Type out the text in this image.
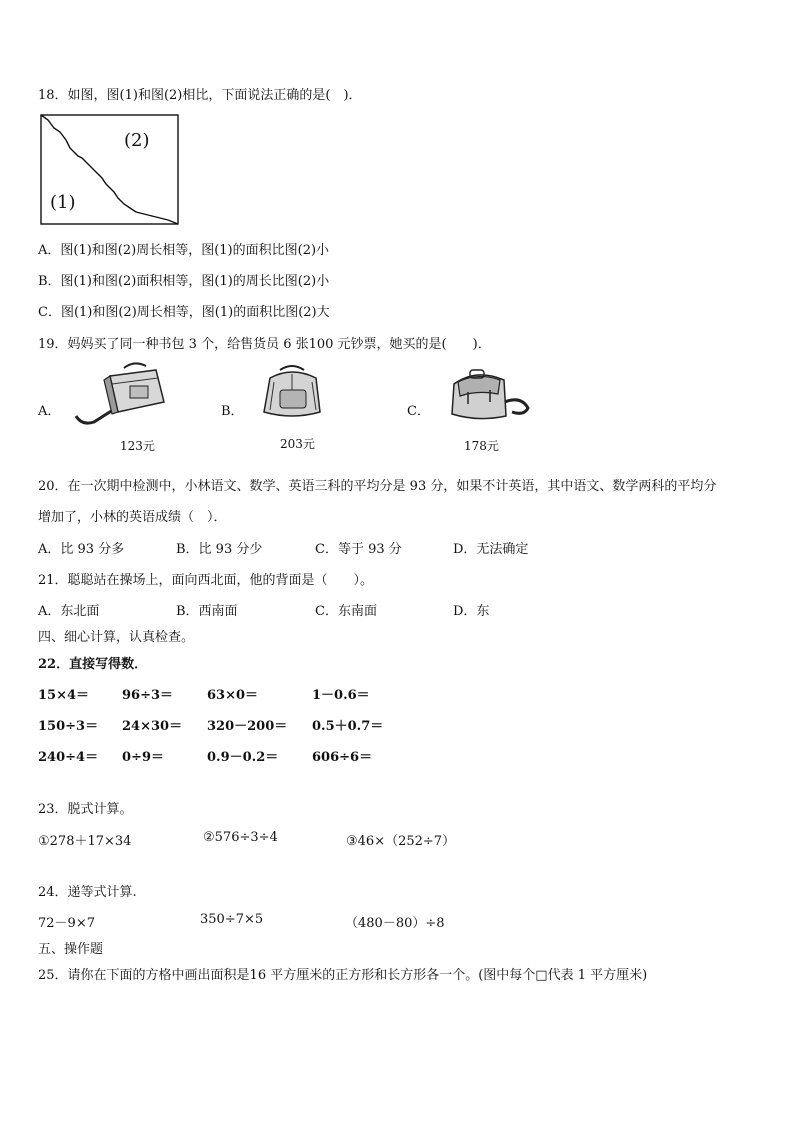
18．如图，图(1)和图(2)相比，下面说法正确的是(　)．
(2)
(1)
A．图(1)和图(2)周长相等，图(1)的面积比图(2)小
B．图(1)和图(2)面积相等，图(1)的周长比图(2)小
C．图(1)和图(2)周长相等，图(1)的面积比图(2)大
19．妈妈买了同一种书包 3 个，给售货员 6 张100 元钞票，她买的是(　　)．
A．
123元
B．
203元
C．
178元
20．在一次期中检测中，小林语文、数学、英语三科的平均分是 93 分，如果不计英语，其中语文、数学两科的平均分
增加了，小林的英语成绩（　）．
A．比 93 分多	B．比 93 分少	C．等于 93 分	D．无法确定
21．聪聪站在操场上，面向西北面，他的背面是（　　）。
A．东北面	B．西南面	C．东南面	D．东
四、细心计算，认真检查。
22．直接写得数．
15×4＝	96÷3＝	63×0＝	1－0.6＝
150÷3＝ 24×30＝ 320－200＝ 0.5＋0.7＝
240÷4＝ 0÷9＝	0.9－0.2＝	606÷6＝
23．脱式计算。
①278＋17×34	②576÷3÷4	③46×（252÷7）
24．递等式计算.
72－9×7	350÷7×5	（480－80）÷8
五、操作题
25．请你在下面的方格中画出面积是16 平方厘米的正方形和长方形各一个。(图中每个□代表 1 平方厘米)
